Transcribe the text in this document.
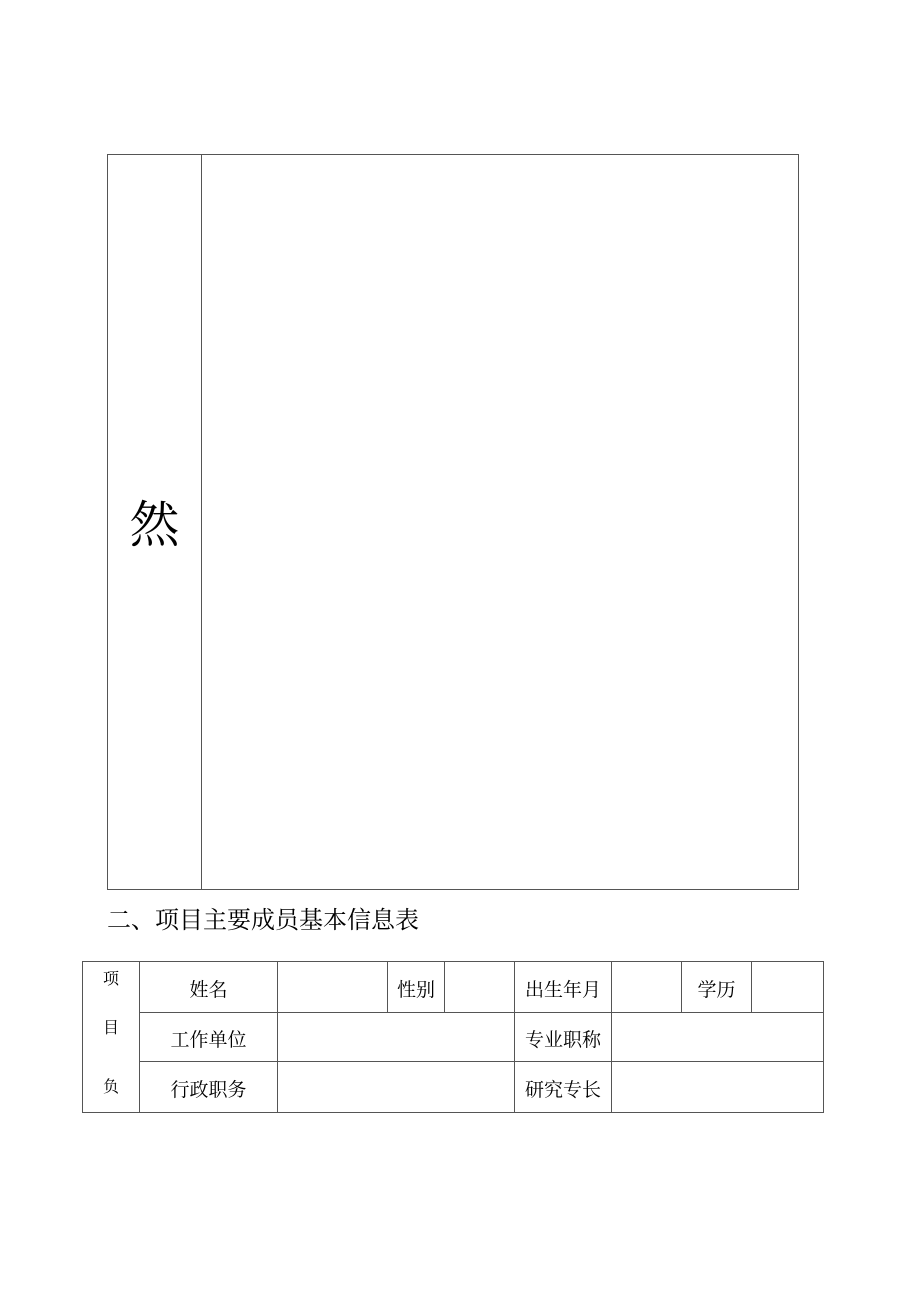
然
二、项目主要成员基本信息表
项
目
负
姓名	性别	出生年月	学历
工作单位	专业职称
行政职务	研究专长
